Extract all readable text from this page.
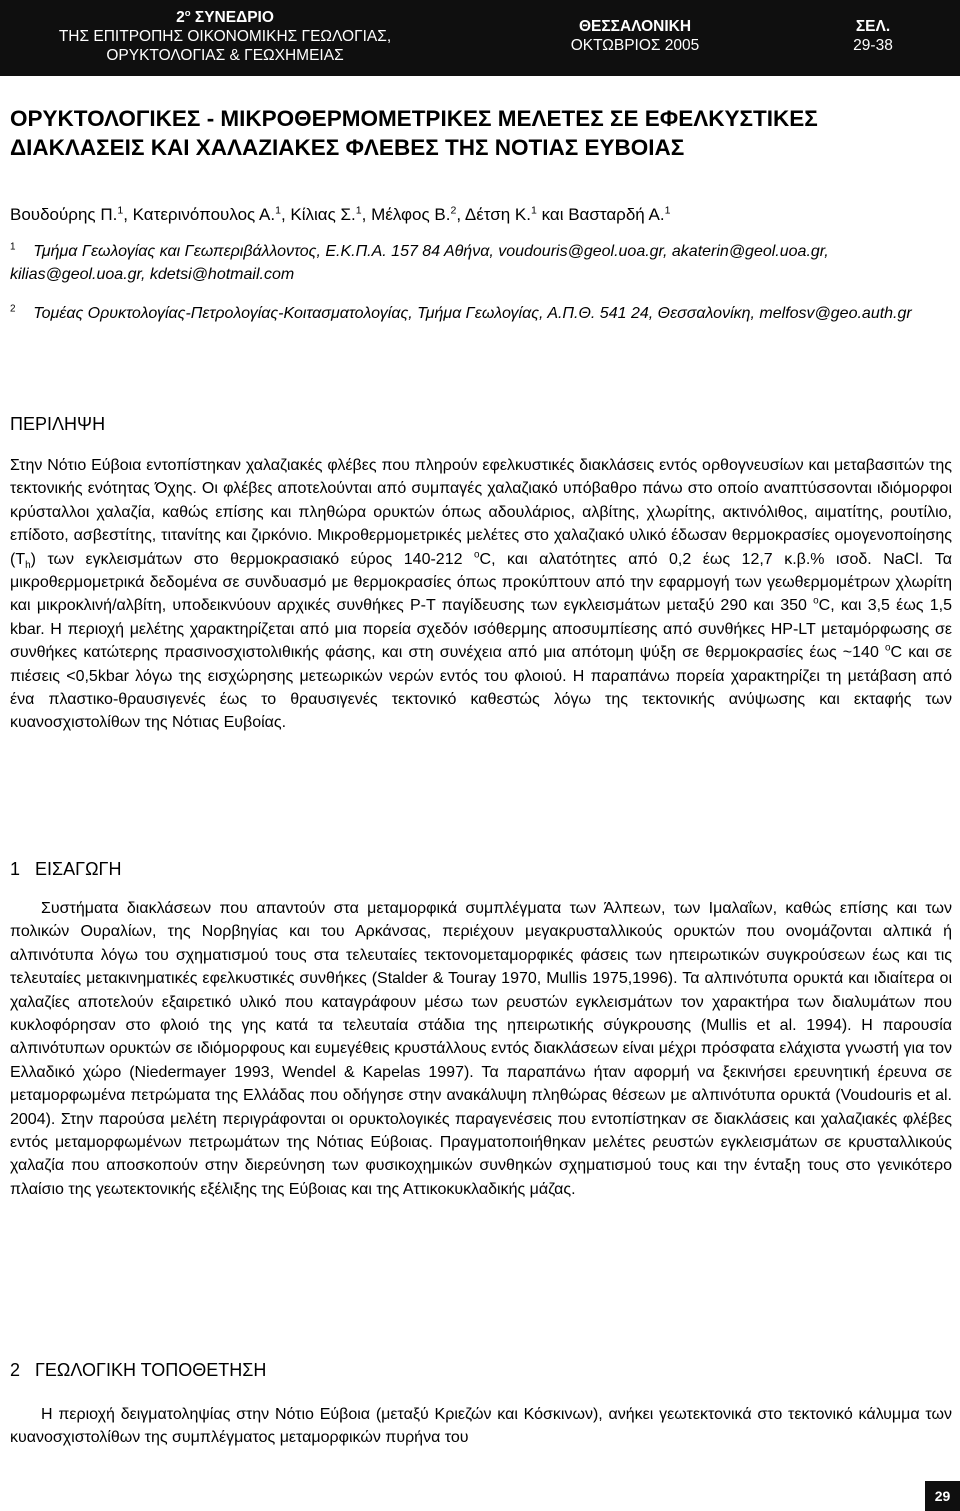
$2^o$ ΣΥΝΕΔΡΙΟ
ΤΗΣ ΕΠΙΤΡΟΠΗΣ ΟΙΚΟΝΟΜΙΚΗΣ ΓΕΩΛΟΓΙΑΣ,
ΟΡΥΚΤΟΛΟΓΙΑΣ & ΓΕΩΧΗΜΕΙΑΣ
ΘΕΣΣΑΛΟΝΙΚΗ
ΟΚΤΩΒΡΙΟΣ 2005
ΣΕΛ.
29-38
ΟΡΥΚΤΟΛΟΓΙΚΕΣ - ΜΙΚΡΟΘΕΡΜΟΜΕΤΡΙΚΕΣ ΜΕΛΕΤΕΣ ΣΕ ΕΦΕΛΚΥΣΤΙΚΕΣ ΔΙΑΚΛΑΣΕΙΣ ΚΑΙ ΧΑΛΑΖΙΑΚΕΣ ΦΛΕΒΕΣ ΤΗΣ ΝΟΤΙΑΣ ΕΥΒΟΙΑΣ
Βουδούρης Π.$^1$, Κατερινόπουλος Α.$^1$, Κίλιας Σ.$^1$, Μέλφος Β.$^2$, Δέτση Κ.$^1$ και Βασταρδή Α.$^1$
$^1$ Τμήμα Γεωλογίας και Γεωπεριβάλλοντος, Ε.Κ.Π.Α. 157 84 Αθήνα, voudouris@geol.uoa.gr, akaterin@geol.uoa.gr, kilias@geol.uoa.gr, kdetsi@hotmail.com
$^2$ Τομέας Ορυκτολογίας-Πετρολογίας-Κοιτασματολογίας, Τμήμα Γεωλογίας, Α.Π.Θ. 541 24, Θεσσαλονίκη, melfosv@geo.auth.gr
ΠΕΡΙΛΗΨΗ

Στην Νότιο Εύβοια εντοπίστηκαν χαλαζιακές φλέβες που πληρούν εφελκυστικές διακλάσεις εντός ορθογνευσίων και μεταβασιτών της τεκτονικής ενότητας Όχης. Οι φλέβες αποτελούνται από συμπαγές χαλαζιακό υπόβαθρο πάνω στο οποίο αναπτύσσονται ιδιόμορφοι κρύσταλλοι χαλαζία, καθώς επίσης και πληθώρα ορυκτών όπως αδουλάριος, αλβίτης, χλωρίτης, ακτινόλιθος, αιματίτης, ρουτίλιο, επίδοτο, ασβεστίτης, τιτανίτης και ζιρκόνιο. Μικροθερμομετρικές μελέτες στο χαλαζιακό υλικό έδωσαν θερμοκρασίες ομογενοποίησης $(T_h)$ των εγκλεισμάτων στο θερμοκρασιακό εύρος 140-212 $^o$C, και αλατότητες από 0,2 έως 12,7 κ.β.% ισοδ. NaCl. Τα μικροθερμομετρικά δεδομένα σε συνδυασμό με θερμοκρασίες όπως προκύπτουν από την εφαρμογή των γεωθερμομέτρων χλωρίτη και μικροκλινή/αλβίτη, υποδεικνύουν αρχικές συνθήκες P-T παγίδευσης των εγκλεισμάτων μεταξύ 290 και 350 $^o$C, και 3,5 έως 1,5 kbar. Η περιοχή μελέτης χαρακτηρίζεται από μια πορεία σχεδόν ισόθερμης αποσυμπίεσης από συνθήκες HP-LT μεταμόρφωσης σε συνθήκες κατώτερης πρασινοσχιστολιθικής φάσης, και στη συνέχεια από μια απότομη ψύξη σε θερμοκρασίες έως ~140 $^o$C και σε πιέσεις <0,5kbar λόγω της εισχώρησης μετεωρικών νερών εντός του φλοιού. Η παραπάνω πορεία χαρακτηρίζει τη μετάβαση από ένα πλαστικο-θραυσιγενές έως το θραυσιγενές τεκτονικό καθεστώς λόγω της τεκτονικής ανύψωσης και εκταφής των κυανοσχιστολίθων της Νότιας Ευβοίας.

1   ΕΙΣΑΓΩΓΗ

Συστήματα διακλάσεων που απαντούν στα μεταμορφικά συμπλέγματα των Άλπεων, των Ιμαλαΐων, καθώς επίσης και των πολικών Ουραλίων, της Νορβηγίας και του Αρκάνσας, περιέχουν μεγακρυσταλλικούς ορυκτών που ονομάζονται αλπικά ή αλπινότυπα λόγω του σχηματισμού τους στα τελευταίες τεκτονομεταμορφικές φάσεις των ηπειρωτικών συγκρούσεων έως και τις τελευταίες μετακινηματικές εφελκυστικές συνθήκες (Stalder & Touray 1970, Mullis 1975,1996). Τα αλπινότυπα ορυκτά και ιδιαίτερα οι χαλαζίες αποτελούν εξαιρετικό υλικό που καταγράφουν μέσω των ρευστών εγκλεισμάτων τον χαρακτήρα των διαλυμάτων που κυκλοφόρησαν στο φλοιό της γης κατά τα τελευταία στάδια της ηπειρωτικής σύγκρουσης (Mullis et al. 1994). Η παρουσία αλπινότυπων ορυκτών σε ιδιόμορφους και ευμεγέθεις κρυστάλλους εντός διακλάσεων είναι μέχρι πρόσφατα ελάχιστα γνωστή για τον Ελλαδικό χώρο (Niedermayer 1993, Wendel & Kapelas 1997). Τα παραπάνω ήταν αφορμή να ξεκινήσει ερευνητική έρευνα σε μεταμορφωμένα πετρώματα της Ελλάδας που οδήγησε στην ανακάλυψη πληθώρας θέσεων με αλπινότυπα ορυκτά (Voudouris et al. 2004). Στην παρούσα μελέτη περιγράφονται οι ορυκτολογικές παραγενέσεις που εντοπίστηκαν σε διακλάσεις και χαλαζιακές φλέβες εντός μεταμορφωμένων πετρωμάτων της Νότιας Εύβοιας. Πραγματοποιήθηκαν μελέτες ρευστών εγκλεισμάτων σε κρυσταλλικούς χαλαζία που αποσκοπούν στην διερεύνηση των φυσικοχημικών συνθηκών σχηματισμού τους και την ένταξη τους στο γενικότερο πλαίσιο της γεωτεκτονικής εξέλιξης της Εύβοιας και της Αττικοκυκλαδικής μάζας.

2   ΓΕΩΛΟΓΙΚΗ ΤΟΠΟΘΕΤΗΣΗ

Η περιοχή δειγματοληψίας στην Νότιο Εύβοια (μεταξύ Κριεζών και Κόσκινων), ανήκει γεωτεκτονικά στο τεκτονικό κάλυμμα των κυανοσχιστολίθων της συμπλέγματος μεταμορφικών πυρήνα του

29
